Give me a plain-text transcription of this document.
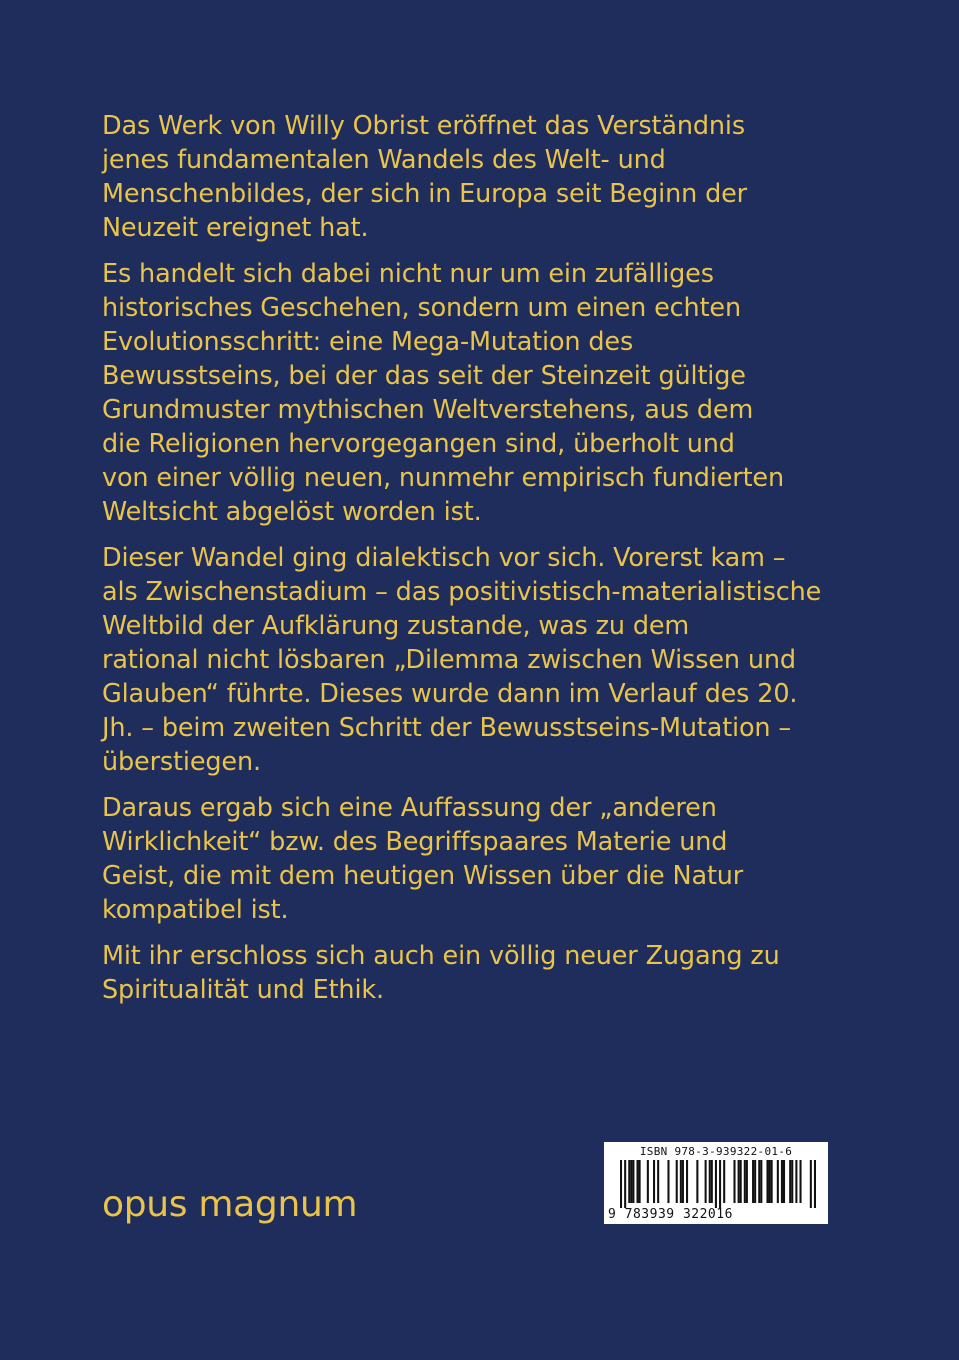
Das Werk von Willy Obrist eröffnet das Verständnis
jenes fundamentalen Wandels des Welt- und
Menschenbildes, der sich in Europa seit Beginn der
Neuzeit ereignet hat.

Es handelt sich dabei nicht nur um ein zufälliges
historisches Geschehen, sondern um einen echten
Evolutionsschritt: eine Mega-Mutation des
Bewusstseins, bei der das seit der Steinzeit gültige
Grundmuster mythischen Weltverstehens, aus dem
die Religionen hervorgegangen sind, überholt und
von einer völlig neuen, nunmehr empirisch fundierten
Weltsicht abgelöst worden ist.

Dieser Wandel ging dialektisch vor sich. Vorerst kam –
als Zwischenstadium – das positivistisch-materialistische
Weltbild der Aufklärung zustande, was zu dem
rational nicht lösbaren „Dilemma zwischen Wissen und
Glauben“ führte. Dieses wurde dann im Verlauf des 20.
Jh. – beim zweiten Schritt der Bewusstseins-Mutation –
überstiegen.

Daraus ergab sich eine Auffassung der „anderen
Wirklichkeit“ bzw. des Begriffspaares Materie und
Geist, die mit dem heutigen Wissen über die Natur
kompatibel ist.

Mit ihr erschloss sich auch ein völlig neuer Zugang zu
Spiritualität und Ethik.

opus magnum
ISBN 978-3-939322-01-6
9 783939 322016
